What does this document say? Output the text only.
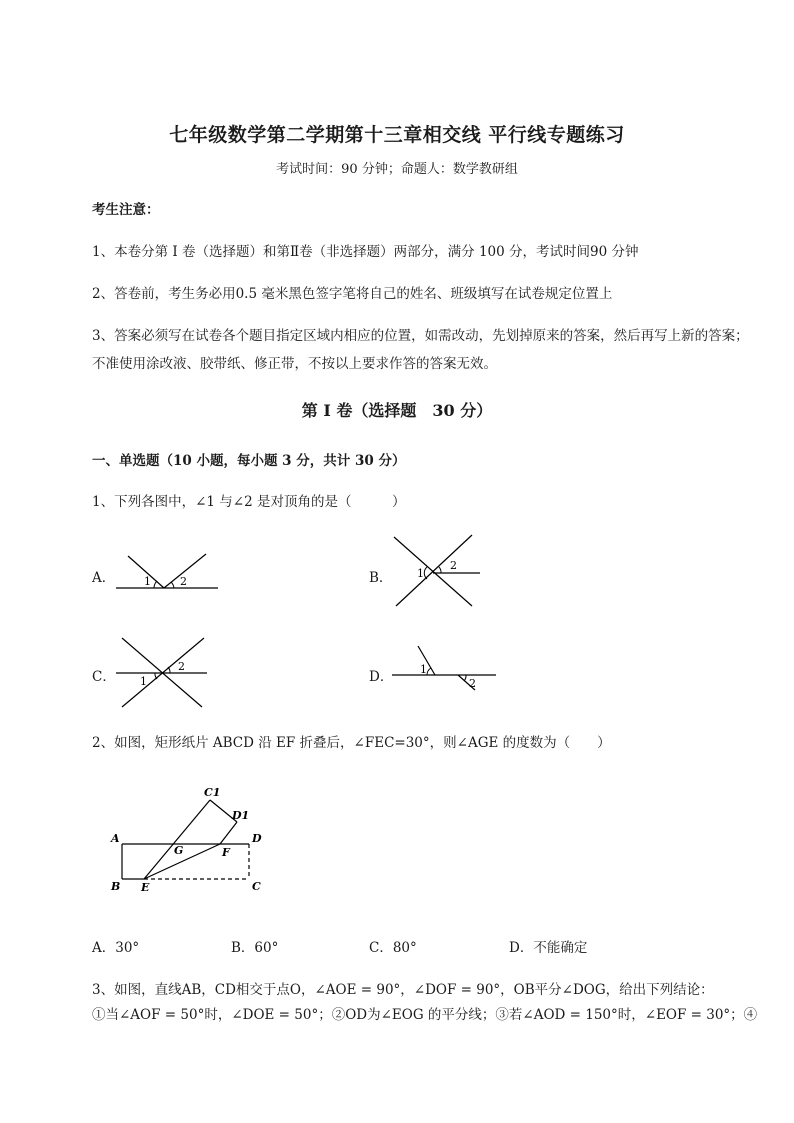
七年级数学第二学期第十三章相交线 平行线专题练习
考试时间：90 分钟；命题人：数学教研组
考生注意：
1、本卷分第 I 卷（选择题）和第Ⅱ卷（非选择题）两部分，满分 100 分，考试时间90 分钟
2、答卷前，考生务必用0.5 毫米黑色签字笔将自己的姓名、班级填写在试卷规定位置上
3、答案必须写在试卷各个题目指定区域内相应的位置，如需改动，先划掉原来的答案，然后再写上新的答案；不准使用涂改液、胶带纸、修正带，不按以上要求作答的答案无效。
第 I 卷（选择题　30 分）
一、单选题（10 小题，每小题 3 分，共计 30 分）
1、下列各图中，∠1 与∠2 是对顶角的是（　　　）
A．	1	2	B． 1
2
C．
2
1	D． 1
2
2、如图，矩形纸片 ABCD 沿 EF 折叠后，∠FEC=30°，则∠AGE 的度数为（　　）
A
B	C
D
E
F
G
C1
D1
A．30°	B．60°	C．80°	D．不能确定
3、如图，直线AB，CD相交于点O，∠AOE = 90°，∠DOF = 90°，OB平分∠DOG，给出下列结论：
①当∠AOF = 50°时，∠DOE = 50°；②OD为∠EOG 的平分线；③若∠AOD = 150°时，∠EOF = 30°；④
